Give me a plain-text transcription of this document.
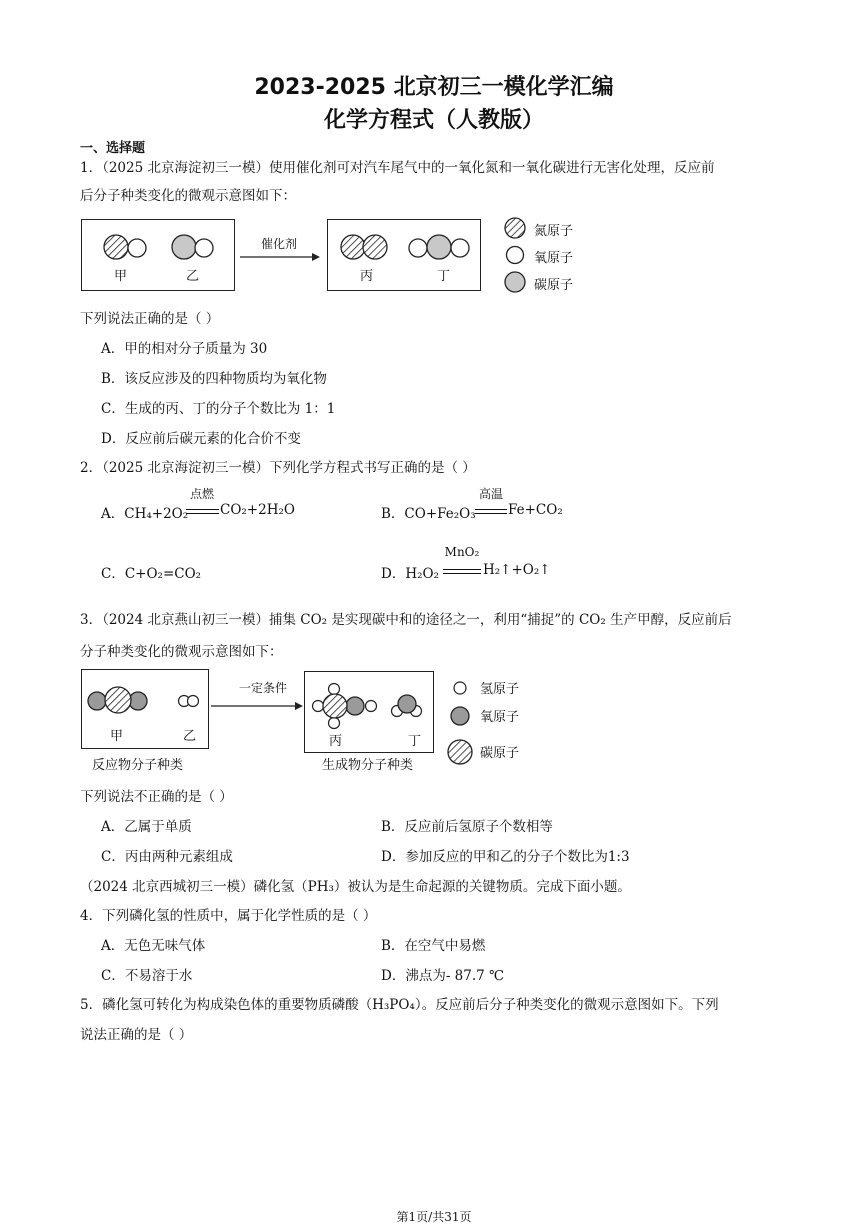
2023-2025 北京初三一模化学汇编
化学方程式（人教版）
一、选择题
1．（2025 北京海淀初三一模）使用催化剂可对汽车尾气中的一氧化氮和一氧化碳进行无害化处理，反应前
后分子种类变化的微观示意图如下：
甲	乙
催化剂
丙	丁
氮原子
氧原子
碳原子
下列说法正确的是（ ）
A．甲的相对分子质量为 30
B．该反应涉及的四种物质均为氧化物
C．生成的丙、丁的分子个数比为 1：1
D．反应前后碳元素的化合价不变
2．（2025 北京海淀初三一模）下列化学方程式书写正确的是（ ）
A．CH₄+2O₂
点燃
CO₂+2H₂O	B．CO+Fe₂O₃
高温
Fe+CO₂
C．C+O₂=CO₂	D．H₂O₂
MnO₂
H₂↑+O₂↑
3．（2024 北京燕山初三一模）捕集 CO₂ 是实现碳中和的途径之一，利用“捕捉”的 CO₂ 生产甲醇，反应前后
分子种类变化的微观示意图如下：
甲	乙
反应物分子种类
一定条件
丙	丁
生成物分子种类
氢原子
氧原子
碳原子
下列说法不正确的是（ ）
A．乙属于单质	B．反应前后氢原子个数相等
C．丙由两种元素组成	D．参加反应的甲和乙的分子个数比为1:3
（2024 北京西城初三一模）磷化氢（PH₃）被认为是生命起源的关键物质。完成下面小题。
4．下列磷化氢的性质中，属于化学性质的是（ ）
A．无色无味气体	B．在空气中易燃
C．不易溶于水	D．沸点为- 87.7 ℃
5．磷化氢可转化为构成染色体的重要物质磷酸（H₃PO₄）。反应前后分子种类变化的微观示意图如下。下列
说法正确的是（ ）
第1页/共31页
